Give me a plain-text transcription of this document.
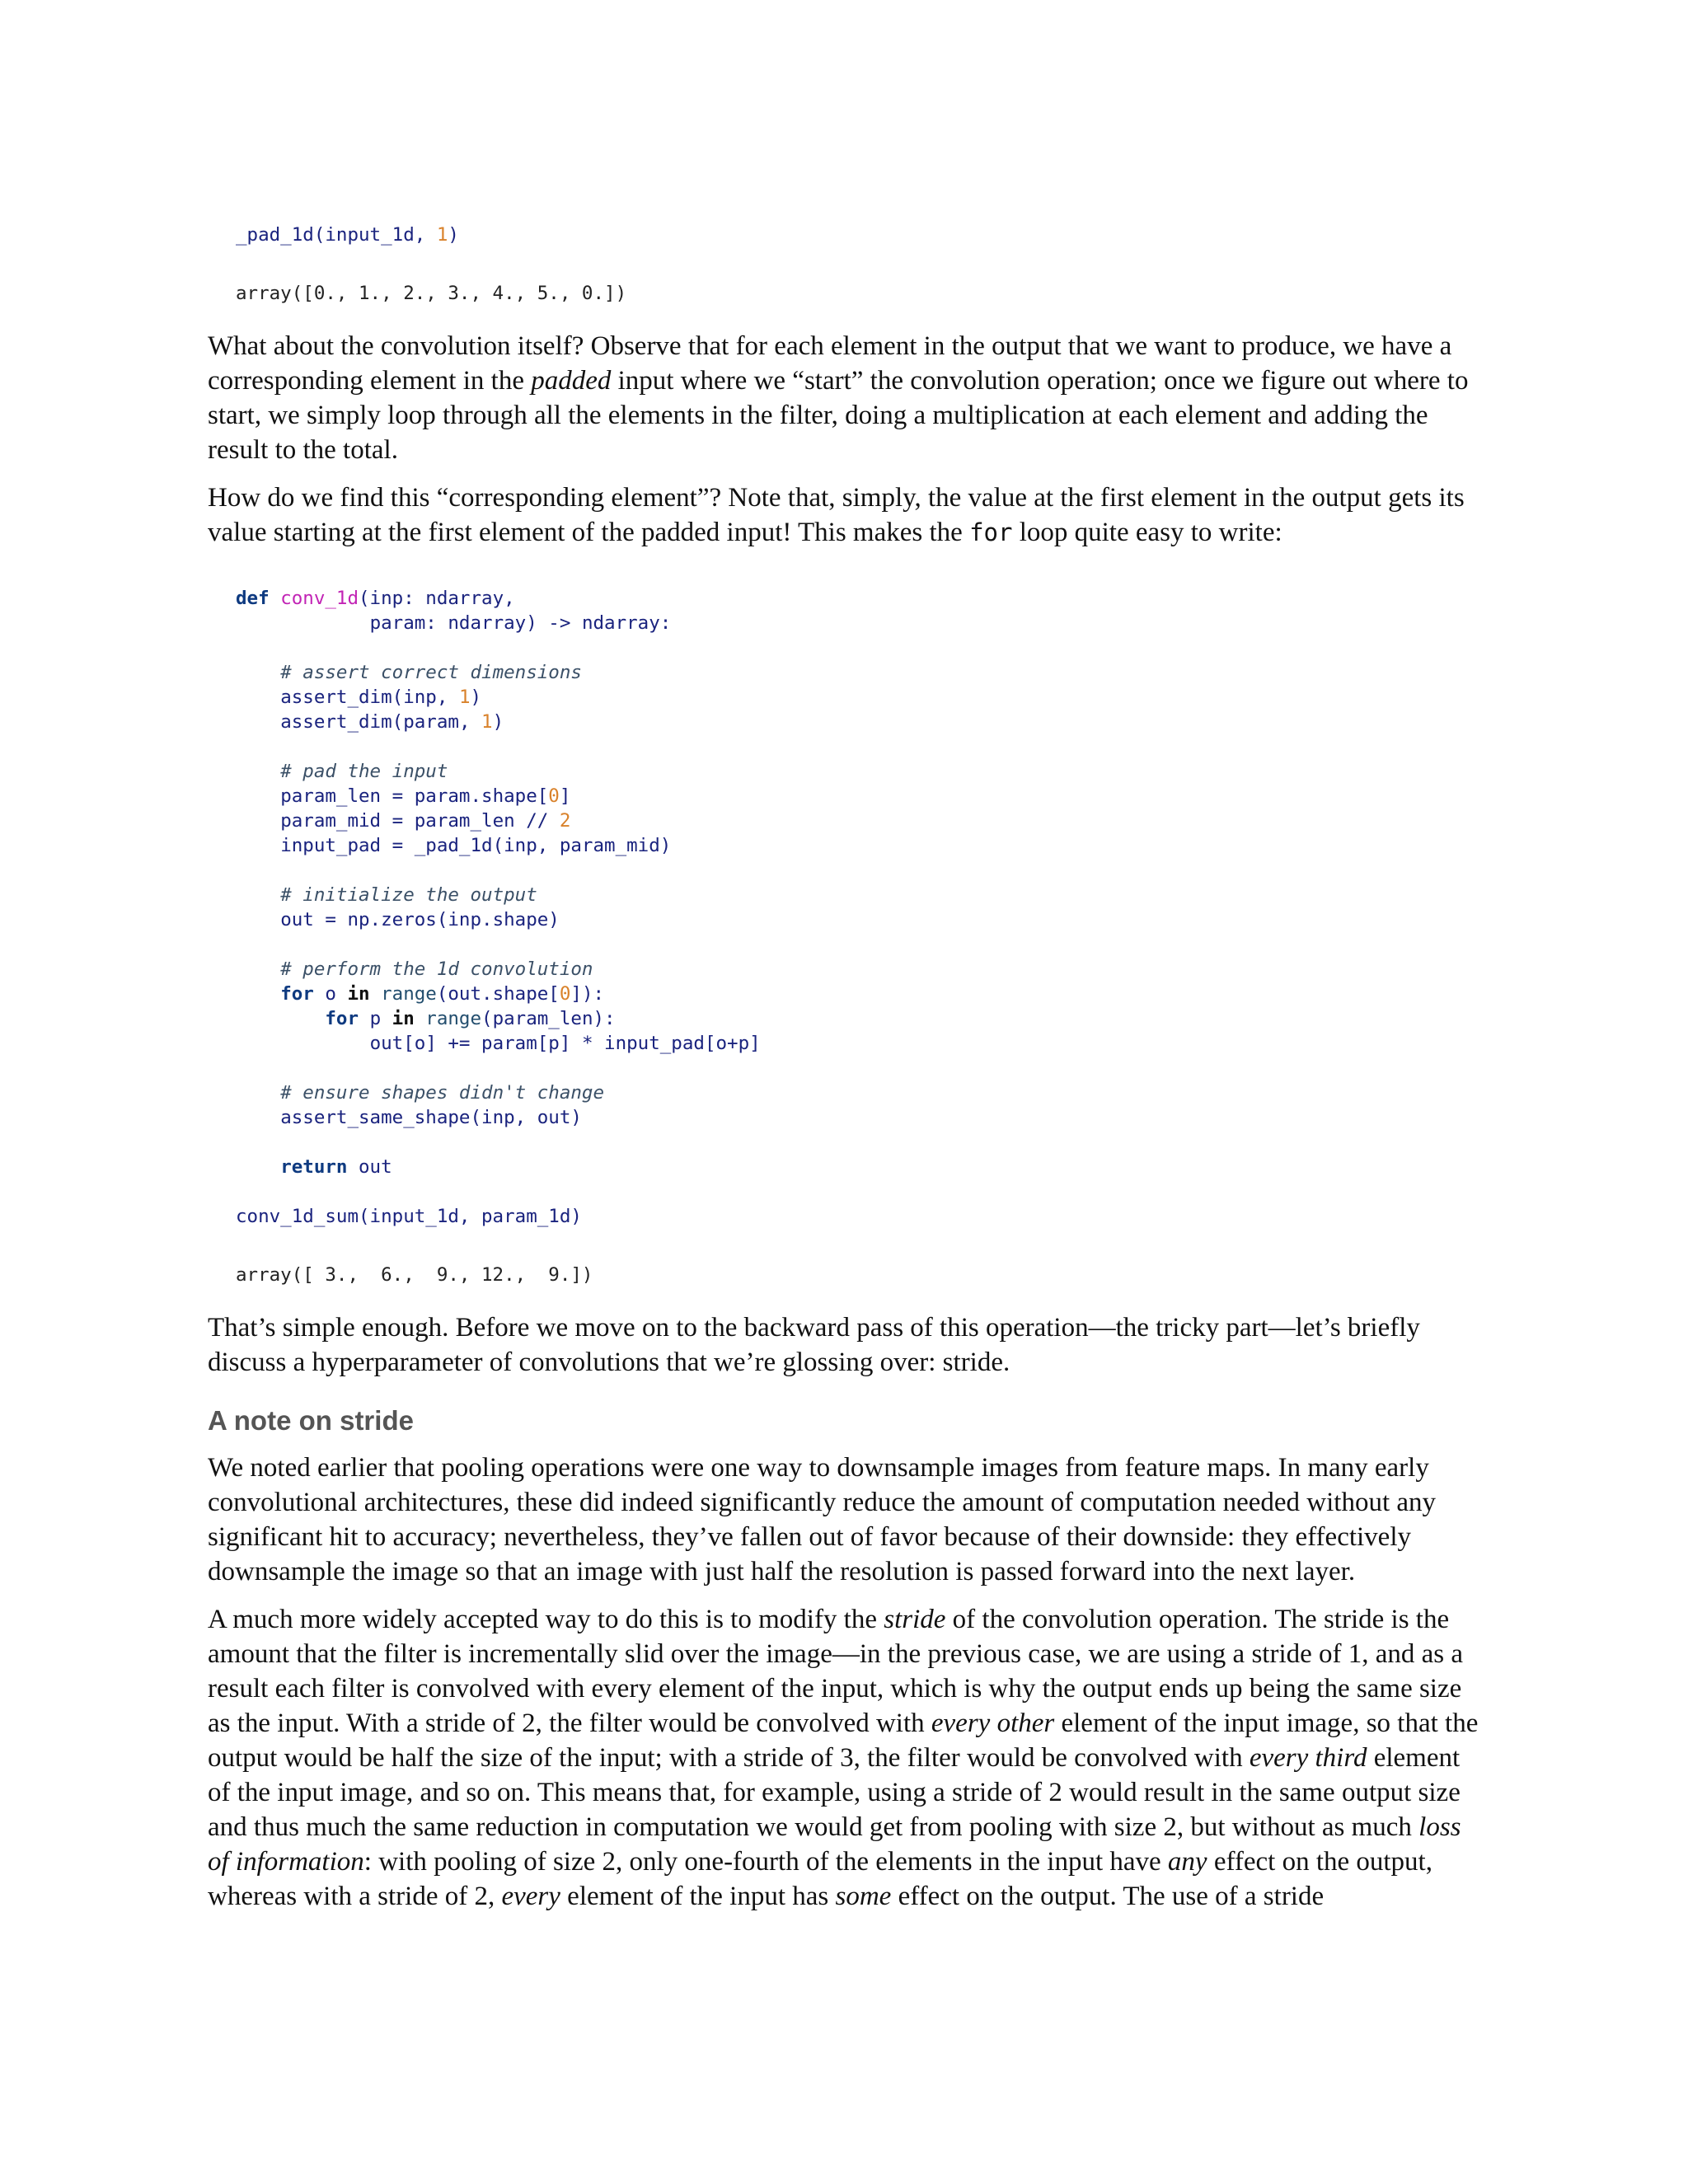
_pad_1d(input_1d, 1)
array([0., 1., 2., 3., 4., 5., 0.])

What about the convolution itself? Observe that for each element in the output that we want to produce, we have a corresponding element in the padded input where we “start” the convolution operation; once we figure out where to start, we simply loop through all the elements in the filter, doing a multiplication at each element and adding the result to the total.

How do we find this “corresponding element”? Note that, simply, the value at the first element in the output gets its value starting at the first element of the padded input! This makes the for loop quite easy to write:

def conv_1d(inp: ndarray,
param: ndarray) -> ndarray:

# assert correct dimensions
assert_dim(inp, 1)
assert_dim(param, 1)

# pad the input
param_len = param.shape[0]
param_mid = param_len // 2
input_pad = _pad_1d(inp, param_mid)

# initialize the output
out = np.zeros(inp.shape)

# perform the 1d convolution
for o in range(out.shape[0]):
for p in range(param_len):
out[o] += param[p] * input_pad[o+p]

# ensure shapes didn't change
assert_same_shape(inp, out)

return out
conv_1d_sum(input_1d, param_1d)
array([ 3.,  6.,  9., 12.,  9.])

That’s simple enough. Before we move on to the backward pass of this operation—the tricky part—let’s briefly discuss a hyperparameter of convolutions that we’re glossing over: stride.

A note on stride

We noted earlier that pooling operations were one way to downsample images from feature maps. In many early convolutional architectures, these did indeed significantly reduce the amount of computation needed without any significant hit to accuracy; nevertheless, they’ve fallen out of favor because of their downside: they effectively downsample the image so that an image with just half the resolution is passed forward into the next layer.

A much more widely accepted way to do this is to modify the stride of the convolution operation. The stride is the amount that the filter is incrementally slid over the image—in the previous case, we are using a stride of 1, and as a result each filter is convolved with every element of the input, which is why the output ends up being the same size as the input. With a stride of 2, the filter would be convolved with every other element of the input image, so that the output would be half the size of the input; with a stride of 3, the filter would be convolved with every third element of the input image, and so on. This means that, for example, using a stride of 2 would result in the same output size and thus much the same reduction in computation we would get from pooling with size 2, but without as much loss of information: with pooling of size 2, only one-fourth of the elements in the input have any effect on the output, whereas with a stride of 2, every element of the input has some effect on the output. The use of a stride
